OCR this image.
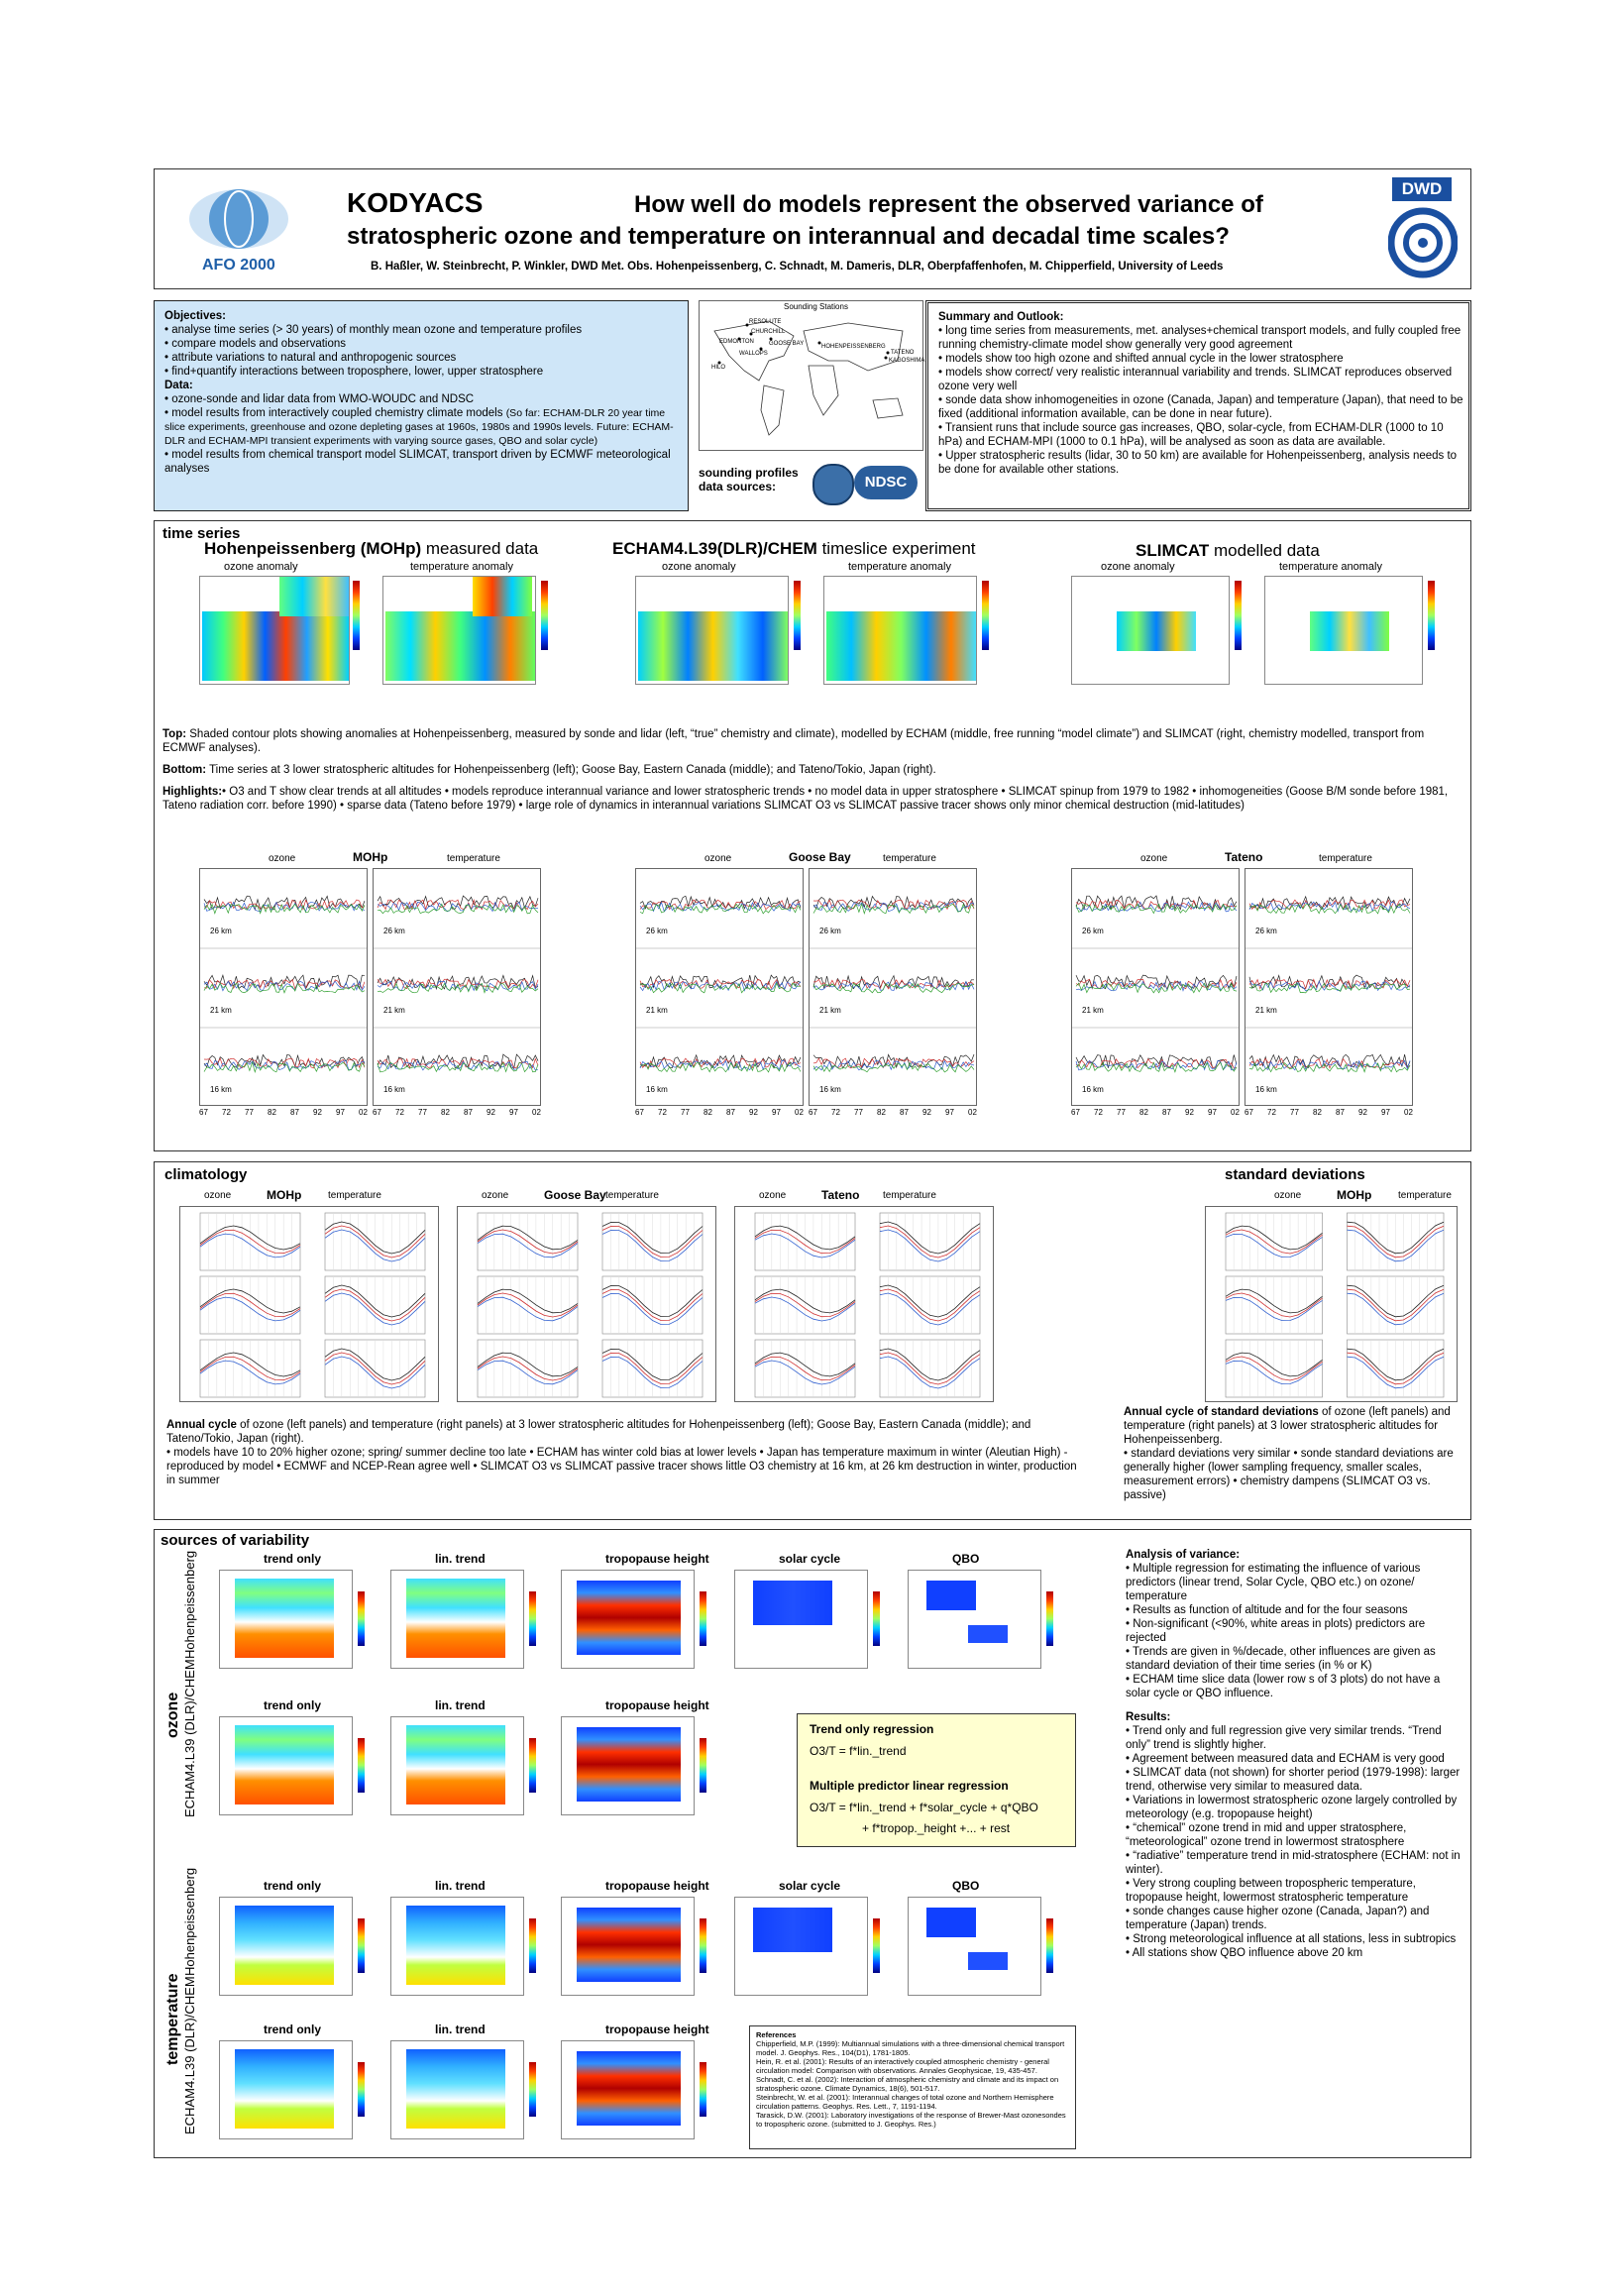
AFO 2000
KODYACS	How well do models represent the observed variance of
stratospheric ozone and temperature on interannual and decadal time scales?
B. Haßler, W. Steinbrecht, P. Winkler, DWD Met. Obs. Hohenpeissenberg, C. Schnadt, M. Dameris, DLR, Oberpfaffenhofen, M. Chipperfield, University of Leeds
DWD
Objectives:
• analyse time series (> 30 years) of monthly mean ozone and temperature profiles
• compare models and observations
• attribute variations to natural and anthropogenic sources
• find+quantify interactions between troposphere, lower, upper stratosphere
Data:
• ozone-sonde and lidar data from WMO-WOUDC and NDSC
• model results from interactively coupled chemistry climate models (So far: ECHAM-DLR 20 year time slice experiments, greenhouse and ozone depleting gases at 1960s, 1980s and 1990s levels. Future: ECHAM-DLR and ECHAM-MPI transient experiments with varying source gases, QBO and solar cycle)
• model results from chemical transport model SLIMCAT, transport driven by ECMWF meteorological analyses
Sounding Stations
RESOLUTE
CHURCHILL
EDMONTON	GOOSE BAY
WALLOPS
HOHENPEISSENBERG
TATENO
KAGOSHIMA
HILO
sounding profiles data sources:	NDSC
Summary and Outlook:
• long time series from measurements, met. analyses+chemical transport models, and fully coupled free running chemistry-climate model show generally very good agreement
• models show too high ozone and shifted annual cycle in the lower stratosphere
• models show correct/ very realistic interannual variability and trends. SLIMCAT reproduces observed ozone very well
• sonde data show inhomogeneities in ozone (Canada, Japan) and temperature (Japan), that need to be fixed (additional information available, can be done in near future).
• Transient runs that include source gas increases, QBO, solar-cycle, from ECHAM-DLR (1000 to 10 hPa) and ECHAM-MPI (1000 to 0.1 hPa), will be analysed as soon as data are available.
• Upper stratospheric results (lidar, 30 to 50 km) are available for Hohenpeissenberg, analysis needs to be done for available other stations.
time series
Hohenpeissenberg (MOHp) measured data	ECHAM4.L39(DLR)/CHEM timeslice experiment	SLIMCAT modelled data
ozone anomaly	temperature anomaly	ozone anomaly	temperature anomaly	ozone anomaly	temperature anomaly
Top: Shaded contour plots showing anomalies at Hohenpeissenberg, measured by sonde and lidar (left, “true” chemistry and climate), modelled by ECHAM (middle, free running “model climate”) and SLIMCAT (right, chemistry modelled, transport from ECMWF analyses).
Bottom: Time series at 3 lower stratospheric altitudes for Hohenpeissenberg (left); Goose Bay, Eastern Canada (middle); and Tateno/Tokio, Japan (right).
Highlights:• O3 and T show clear trends at all altitudes • models reproduce interannual variance and lower stratospheric trends • no model data in upper stratosphere • SLIMCAT spinup from 1979 to 1982 • inhomogeneities (Goose B/M sonde before 1981, Tateno radiation corr. before 1990) • sparse data (Tateno before 1979) • large role of dynamics in interannual variations SLIMCAT O3 vs SLIMCAT passive tracer shows only minor chemical destruction (mid-latitudes)
ozone	MOHp	temperature
26 km
21 km
16 km
67 72 77 82 87 92 97 02
26 km
21 km
16 km
67 72 77 82 87 92 97 02
ozone	Goose Bay	temperature
26 km
21 km
16 km
67 72 77 82 87 92 97 02
26 km
21 km
16 km
67 72 77 82 87 92 97 02
ozone	Tateno	temperature
26 km
21 km
16 km
67 72 77 82 87 92 97 02
26 km
21 km
16 km
67 72 77 82 87 92 97 02
climatology	standard deviations
ozone	MOHp	temperature	ozone	Goose Bay temperature	ozone	Tateno temperature	ozone	MOHp	temperature
Annual cycle of ozone (left panels) and temperature (right panels) at 3 lower stratospheric altitudes for Hohenpeissenberg (left); Goose Bay, Eastern Canada (middle); and Tateno/Tokio, Japan (right).
• models have 10 to 20% higher ozone; spring/ summer decline too late • ECHAM has winter cold bias at lower levels • Japan has temperature maximum in winter (Aleutian High) - reproduced by model • ECMWF and NCEP-Rean agree well • SLIMCAT O3 vs SLIMCAT passive tracer shows little O3 chemistry at 16 km, at 26 km destruction in winter, production in summer
Annual cycle of standard deviations of ozone (left panels) and temperature (right panels) at 3 lower stratospheric altitudes for Hohenpeissenberg.
• standard deviations very similar • sonde standard deviations are generally higher (lower sampling frequency, smaller scales, measurement errors) • chemistry dampens (SLIMCAT O3 vs. passive)
sources of variability
ozone
Hohenpeissenberg
ECHAM4.L39 (DLR)/CHEM
temperature
Hohenpeissenberg
ECHAM4.L39 (DLR)/CHEM
trend only	lin. trend	tropopause height	solar cycle	QBO
trend only	lin. trend	tropopause height
trend only	lin. trend	tropopause height	solar cycle	QBO
trend only	lin. trend	tropopause height
Trend only regression
O3/T = f*lin._trend
Multiple predictor linear regression
O3/T = f*lin._trend + f*solar_cycle + q*QBO
+ f*tropop._height +... + rest
References
Chipperfield, M.P. (1999): Multiannual simulations with a three-dimensional chemical transport model. J. Geophys. Res., 104(D1), 1781-1805.
Hein, R. et al. (2001): Results of an interactively coupled atmospheric chemistry - general circulation model: Comparison with observations. Annales Geophysicae, 19, 435-457.
Schnadt, C. et al. (2002): Interaction of atmospheric chemistry and climate and its impact on stratospheric ozone. Climate Dynamics, 18(6), 501-517.
Steinbrecht, W. et al. (2001): Interannual changes of total ozone and Northern Hemisphere circulation patterns. Geophys. Res. Lett., 7, 1191-1194.
Tarasick, D.W. (2001): Laboratory investigations of the response of Brewer-Mast ozonesondes to tropospheric ozone. (submitted to J. Geophys. Res.)
Analysis of variance:
• Multiple regression for estimating the influence of various predictors (linear trend, Solar Cycle, QBO etc.) on ozone/ temperature
• Results as function of altitude and for the four seasons
• Non-significant (<90%, white areas in plots) predictors are rejected
• Trends are given in %/decade, other influences are given as standard deviation of their time series (in % or K)
• ECHAM time slice data (lower row s of 3 plots) do not have a solar cycle or QBO influence.
Results:
• Trend only and full regression give very similar trends. “Trend only” trend is slightly higher.
• Agreement between measured data and ECHAM is very good
• SLIMCAT data (not shown) for shorter period (1979-1998): larger trend, otherwise very similar to measured data.
• Variations in lowermost stratospheric ozone largely controlled by meteorology (e.g. tropopause height)
• “chemical” ozone trend in mid and upper stratosphere, “meteorological” ozone trend in lowermost stratosphere
• “radiative” temperature trend in mid-stratosphere (ECHAM: not in winter).
• Very strong coupling between tropospheric temperature, tropopause height, lowermost stratospheric temperature
• sonde changes cause higher ozone (Canada, Japan?) and temperature (Japan) trends.
• Strong meteorological influence at all stations, less in subtropics
• All stations show QBO influence above 20 km
